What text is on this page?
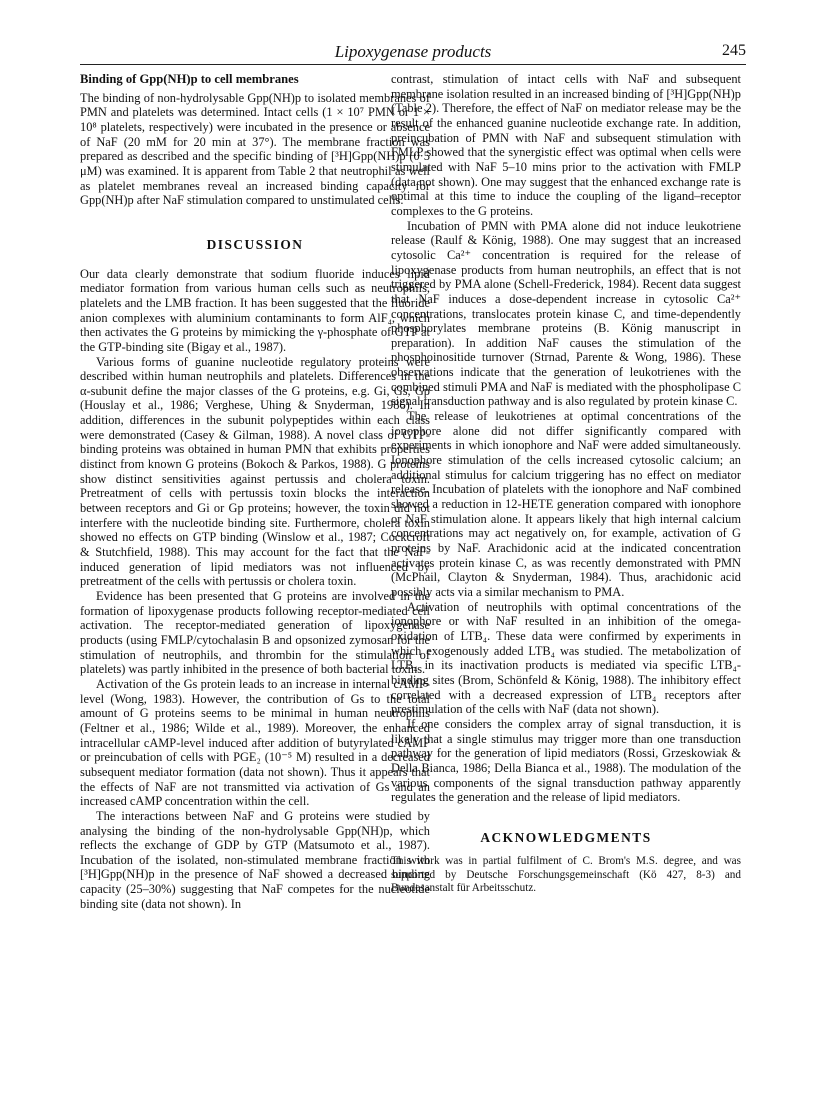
Lipoxygenase products	245
Binding of Gpp(NH)p to cell membranes

The binding of non-hydrolysable Gpp(NH)p to isolated membranes of PMN and platelets was determined. Intact cells (1 × 10⁷ PMN or 1 × 10⁸ platelets, respectively) were incubated in the presence or absence of NaF (20 mM for 20 min at 37°). The membrane fraction was prepared as described and the specific binding of [³H]Gpp(NH)p (0·5 μM) was examined. It is apparent from Table 2 that neutrophil as well as platelet membranes reveal an increased binding capacity for Gpp(NH)p after NaF stimulation compared to unstimulated cells.

DISCUSSION

Our data clearly demonstrate that sodium fluoride induces lipid mediator formation from various human cells such as neutrophils, platelets and the LMB fraction. It has been suggested that the fluoride anion complexes with aluminium contaminants to form AlF₄, which then activates the G proteins by mimicking the γ-phosphate of GTP at the GTP-binding site (Bigay et al., 1987).

Various forms of guanine nucleotide regulatory proteins were described within human neutrophils and platelets. Differences in the α-subunit define the major classes of the G proteins, e.g. Gi, Gs, Gp (Houslay et al., 1986; Verghese, Uhing & Snyderman, 1986). In addition, differences in the subunit polypeptides within each class were demonstrated (Casey & Gilman, 1988). A novel class of GTP-binding proteins was obtained in human PMN that exhibits properties distinct from known G proteins (Bokoch & Parkos, 1988). G proteins show distinct sensitivities against pertussis and cholera toxin. Pretreatment of cells with pertussis toxin blocks the interaction between receptors and Gi or Gp proteins; however, the toxin did not interfere with the nucleotide binding site. Furthermore, cholera toxin showed no effects on GTP binding (Winslow et al., 1987; Cockcroft & Stutchfield, 1988). This may account for the fact that the NaF-induced generation of lipid mediators was not influenced by pretreatment of the cells with pertussis or cholera toxin.

Evidence has been presented that G proteins are involved in the formation of lipoxygenase products following receptor-mediated cell activation. The receptor-mediated generation of lipoxygenase products (using FMLP/cytochalasin B and opsonized zymosan for the stimulation of neutrophils, and thrombin for the stimulation of platelets) was partly inhibited in the presence of both bacterial toxins.

Activation of the Gs protein leads to an increase in internal cAMP-level (Wong, 1983). However, the contribution of Gs to the total amount of G proteins seems to be minimal in human neutrophils (Feltner et al., 1986; Wilde et al., 1989). Moreover, the enhanced intracellular cAMP-level induced after addition of butyrylated cAMP or preincubation of cells with PGE₂ (10⁻⁵ M) resulted in a decreased subsequent mediator formation (data not shown). Thus it appears that the effects of NaF are not transmitted via activation of Gs and an increased cAMP concentration within the cell.

The interactions between NaF and G proteins were studied by analysing the binding of the non-hydrolysable Gpp(NH)p, which reflects the exchange of GDP by GTP (Matsumoto et al., 1987). Incubation of the isolated, non-stimulated membrane fraction with [³H]Gpp(NH)p in the presence of NaF showed a decreased binding capacity (25–30%) suggesting that NaF competes for the nucleotide binding site (data not shown). In

contrast, stimulation of intact cells with NaF and subsequent membrane isolation resulted in an increased binding of [³H]Gpp(NH)p (Table 2). Therefore, the effect of NaF on mediator release may be the result of the enhanced guanine nucleotide exchange rate. In addition, preincubation of PMN with NaF and subsequent stimulation with FMLP showed that the synergistic effect was optimal when cells were stimulated with NaF 5–10 mins prior to the activation with FMLP (data not shown). One may suggest that the enhanced exchange rate is optimal at this time to induce the coupling of the ligand–receptor complexes to the G proteins.

Incubation of PMN with PMA alone did not induce leukotriene release (Raulf & König, 1988). One may suggest that an increased cytosolic Ca²⁺ concentration is required for the release of lipoxygenase products from human neutrophils, an effect that is not triggered by PMA alone (Schell-Frederick, 1984). Recent data suggest that NaF induces a dose-dependent increase in cytosolic Ca²⁺ concentrations, translocates protein kinase C, and time-dependently phosphorylates membrane proteins (B. König manuscript in preparation). In addition NaF causes the stimulation of the phosphoinositide turnover (Strnad, Parente & Wong, 1986). These observations indicate that the generation of leukotrienes with the combined stimuli PMA and NaF is mediated with the phospholipase C signal transduction pathway and is also regulated by protein kinase C.

The release of leukotrienes at optimal concentrations of the ionophore alone did not differ significantly compared with experiments in which ionophore and NaF were added simultaneously. Ionophore stimulation of the cells increased cytosolic calcium; an additional stimulus for calcium triggering has no effect on mediator release. Incubation of platelets with the ionophore and NaF combined showed a reduction in 12-HETE generation compared with ionophore or NaF stimulation alone. It appears likely that high internal calcium concentrations may act negatively on, for example, activation of G proteins by NaF. Arachidonic acid at the indicated concentration activates protein kinase C, as was recently demonstrated with PMN (McPhail, Clayton & Snyderman, 1984). Thus, arachidonic acid possibly acts via a similar mechanism to PMA.

Activation of neutrophils with optimal concentrations of the ionophore or with NaF resulted in an inhibition of the omega-oxidation of LTB₄. These data were confirmed by experiments in which exogenously added LTB₄ was studied. The metabolization of LTB₄ in its inactivation products is mediated via specific LTB₄-binding sites (Brom, Schönfeld & König, 1988). The inhibitory effect correlated with a decreased expression of LTB₄ receptors after prestimulation of the cells with NaF (data not shown).

If one considers the complex array of signal transduction, it is likely that a single stimulus may trigger more than one transduction pathway for the generation of lipid mediators (Rossi, Grzeskowiak & Della Bianca, 1986; Della Bianca et al., 1988). The modulation of the various components of the signal transduction pathway apparently regulates the generation and the release of lipid mediators.

ACKNOWLEDGMENTS

This work was in partial fulfilment of C. Brom's M.S. degree, and was supported by Deutsche Forschungsgemeinschaft (Kö 427, 8-3) and Bundesanstalt für Arbeitsschutz.
